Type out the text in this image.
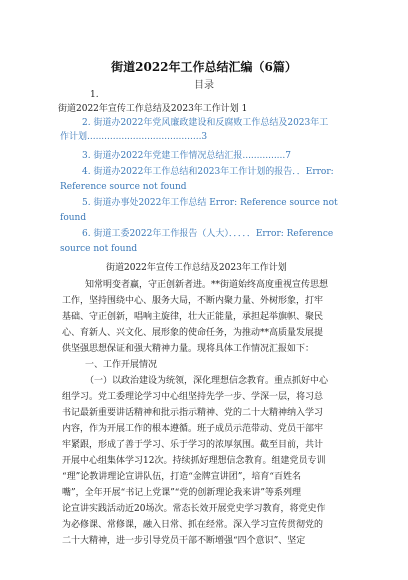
街道2022年工作总结汇编（6篇）
目录
1.
街道2022年宣传工作总结及2023年工作计划 1
2. 街道办2022年党风廉政建设和反腐败工作总结及2023年工
作计划........................................3
3. 街道办2022年党建工作情况总结汇报...............7
4. 街道办2022年工作总结和2023年工作计划的报告．．Error:
Reference source not found
5. 街道办事处2022年工作总结 Error: Reference source not
found
6. 街道工委2022年工作报告（人大）．．．．．Error: Reference
source not found
街道2022年宣传工作总结及2023年工作计划
知常明变者赢，守正创新者进。**街道始终高度重视宣传思想
工作，坚持围绕中心、服务大局，不断内聚力量、外树形象，打牢
基础、守正创新，唱响主旋律，壮大正能量，承担起举旗帜、聚民
心、育新人、兴文化、展形象的使命任务，为推动**高质量发展提
供坚强思想保证和强大精神力量。现将具体工作情况汇报如下：
一、工作开展情况
（一）以政治建设为统领，深化理想信念教育。重点抓好中心
组学习。党工委理论学习中心组坚持先学一步、学深一层，将习总
书记最新重要讲话精神和批示指示精神、党的二十大精神纳入学习
内容，作为开展工作的根本遵循。班子成员示范带动、党员干部牢
牢紧跟，形成了善于学习、乐于学习的浓厚氛围。截至目前，共计
开展中心组集体学习12次。持续抓好理想信念教育。组建党员专训
“理”论教讲理论宣讲队伍，打造“金牌宣讲团”，培育“百姓名
嘴”，全年开展“书记上党课”“党的创新理论我来讲”等系列理
论宣讲实践活动近20场次。常态长效开展党史学习教育，将党史作
为必修课、常修课，融入日常、抓在经常。深入学习宣传贯彻党的
二十大精神，进一步引导党员干部不断增强“四个意识”、坚定
